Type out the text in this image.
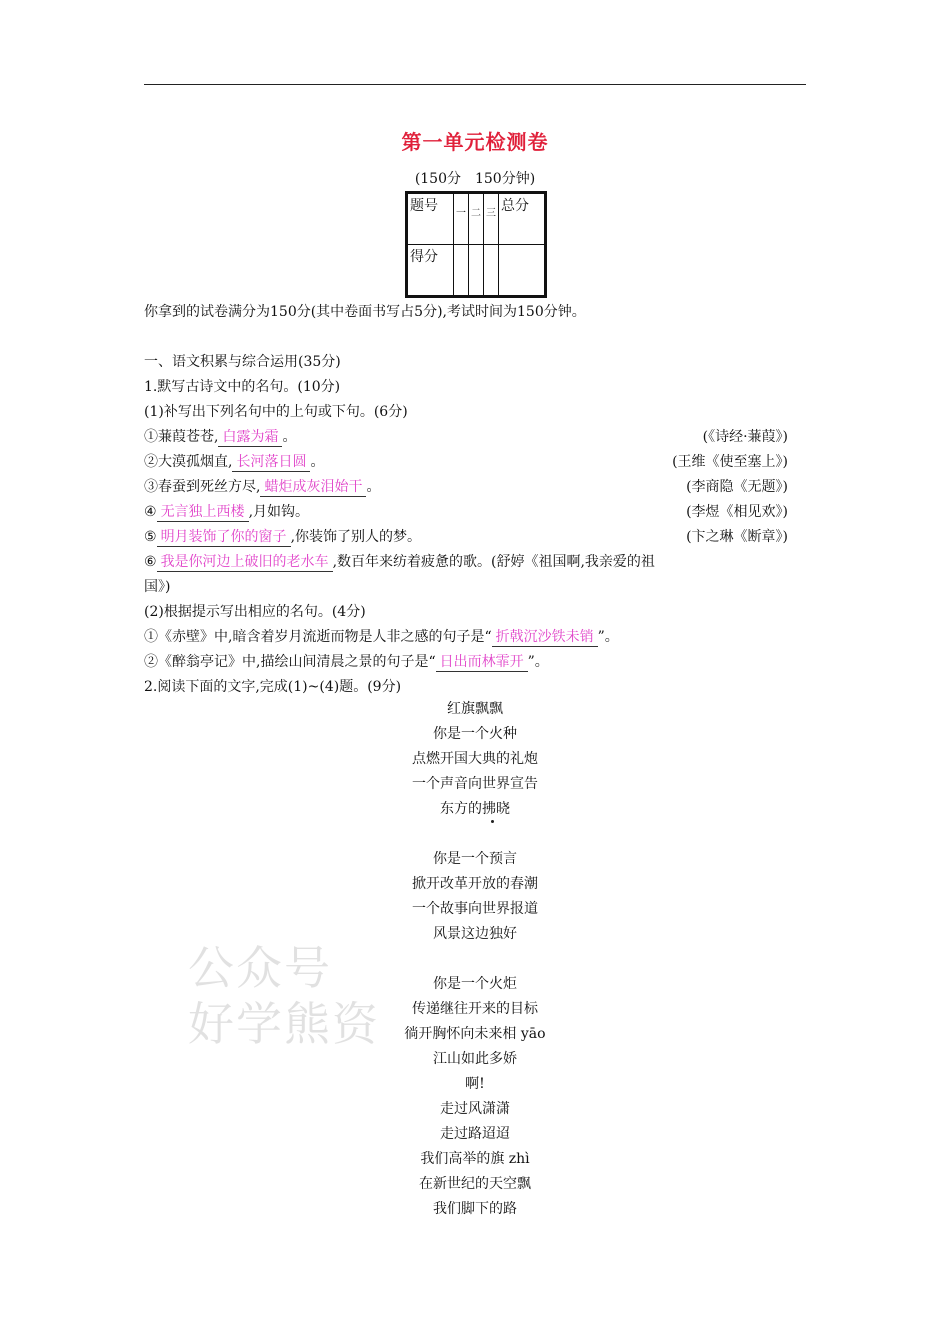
第一单元检测卷
(150分　150分钟)
题号	一	二	三	总分
得分				
你拿到的试卷满分为150分(其中卷面书写占5分),考试时间为150分钟。
一、语文积累与综合运用(35分)
1.默写古诗文中的名句。(10分)
(1)补写出下列名句中的上句或下句。(6分)
①蒹葭苍苍, 白露为霜 。	(《诗经·蒹葭》)
②大漠孤烟直, 长河落日圆 。	(王维《使至塞上》)
③春蚕到死丝方尽, 蜡炬成灰泪始干 。	(李商隐《无题》)
④ 无言独上西楼 ,月如钩。	(李煜《相见欢》)
⑤ 明月装饰了你的窗子 ,你装饰了别人的梦。	(卞之琳《断章》)
⑥ 我是你河边上破旧的老水车 ,数百年来纺着疲惫的歌。(舒婷《祖国啊,我亲爱的祖
国》)
(2)根据提示写出相应的名句。(4分)
①《赤壁》中,暗含着岁月流逝而物是人非之感的句子是“ 折戟沉沙铁未销 ”。
②《醉翁亭记》中,描绘山间清晨之景的句子是“ 日出而林霏开 ”。
2.阅读下面的文字,完成(1)~(4)题。(9分)
红旗飘飘
你是一个火种
点燃开国大典的礼炮
一个声音向世界宣告
东方的拂晓
你是一个预言
掀开改革开放的春潮
一个故事向世界报道
风景这边独好
你是一个火炬
传递继往开来的目标
徜开胸怀向未来相 yāo
江山如此多娇
啊!
走过风潇潇
走过路迢迢
我们高举的旗 zhì
在新世纪的天空飘
我们脚下的路
公众号
好学熊资
